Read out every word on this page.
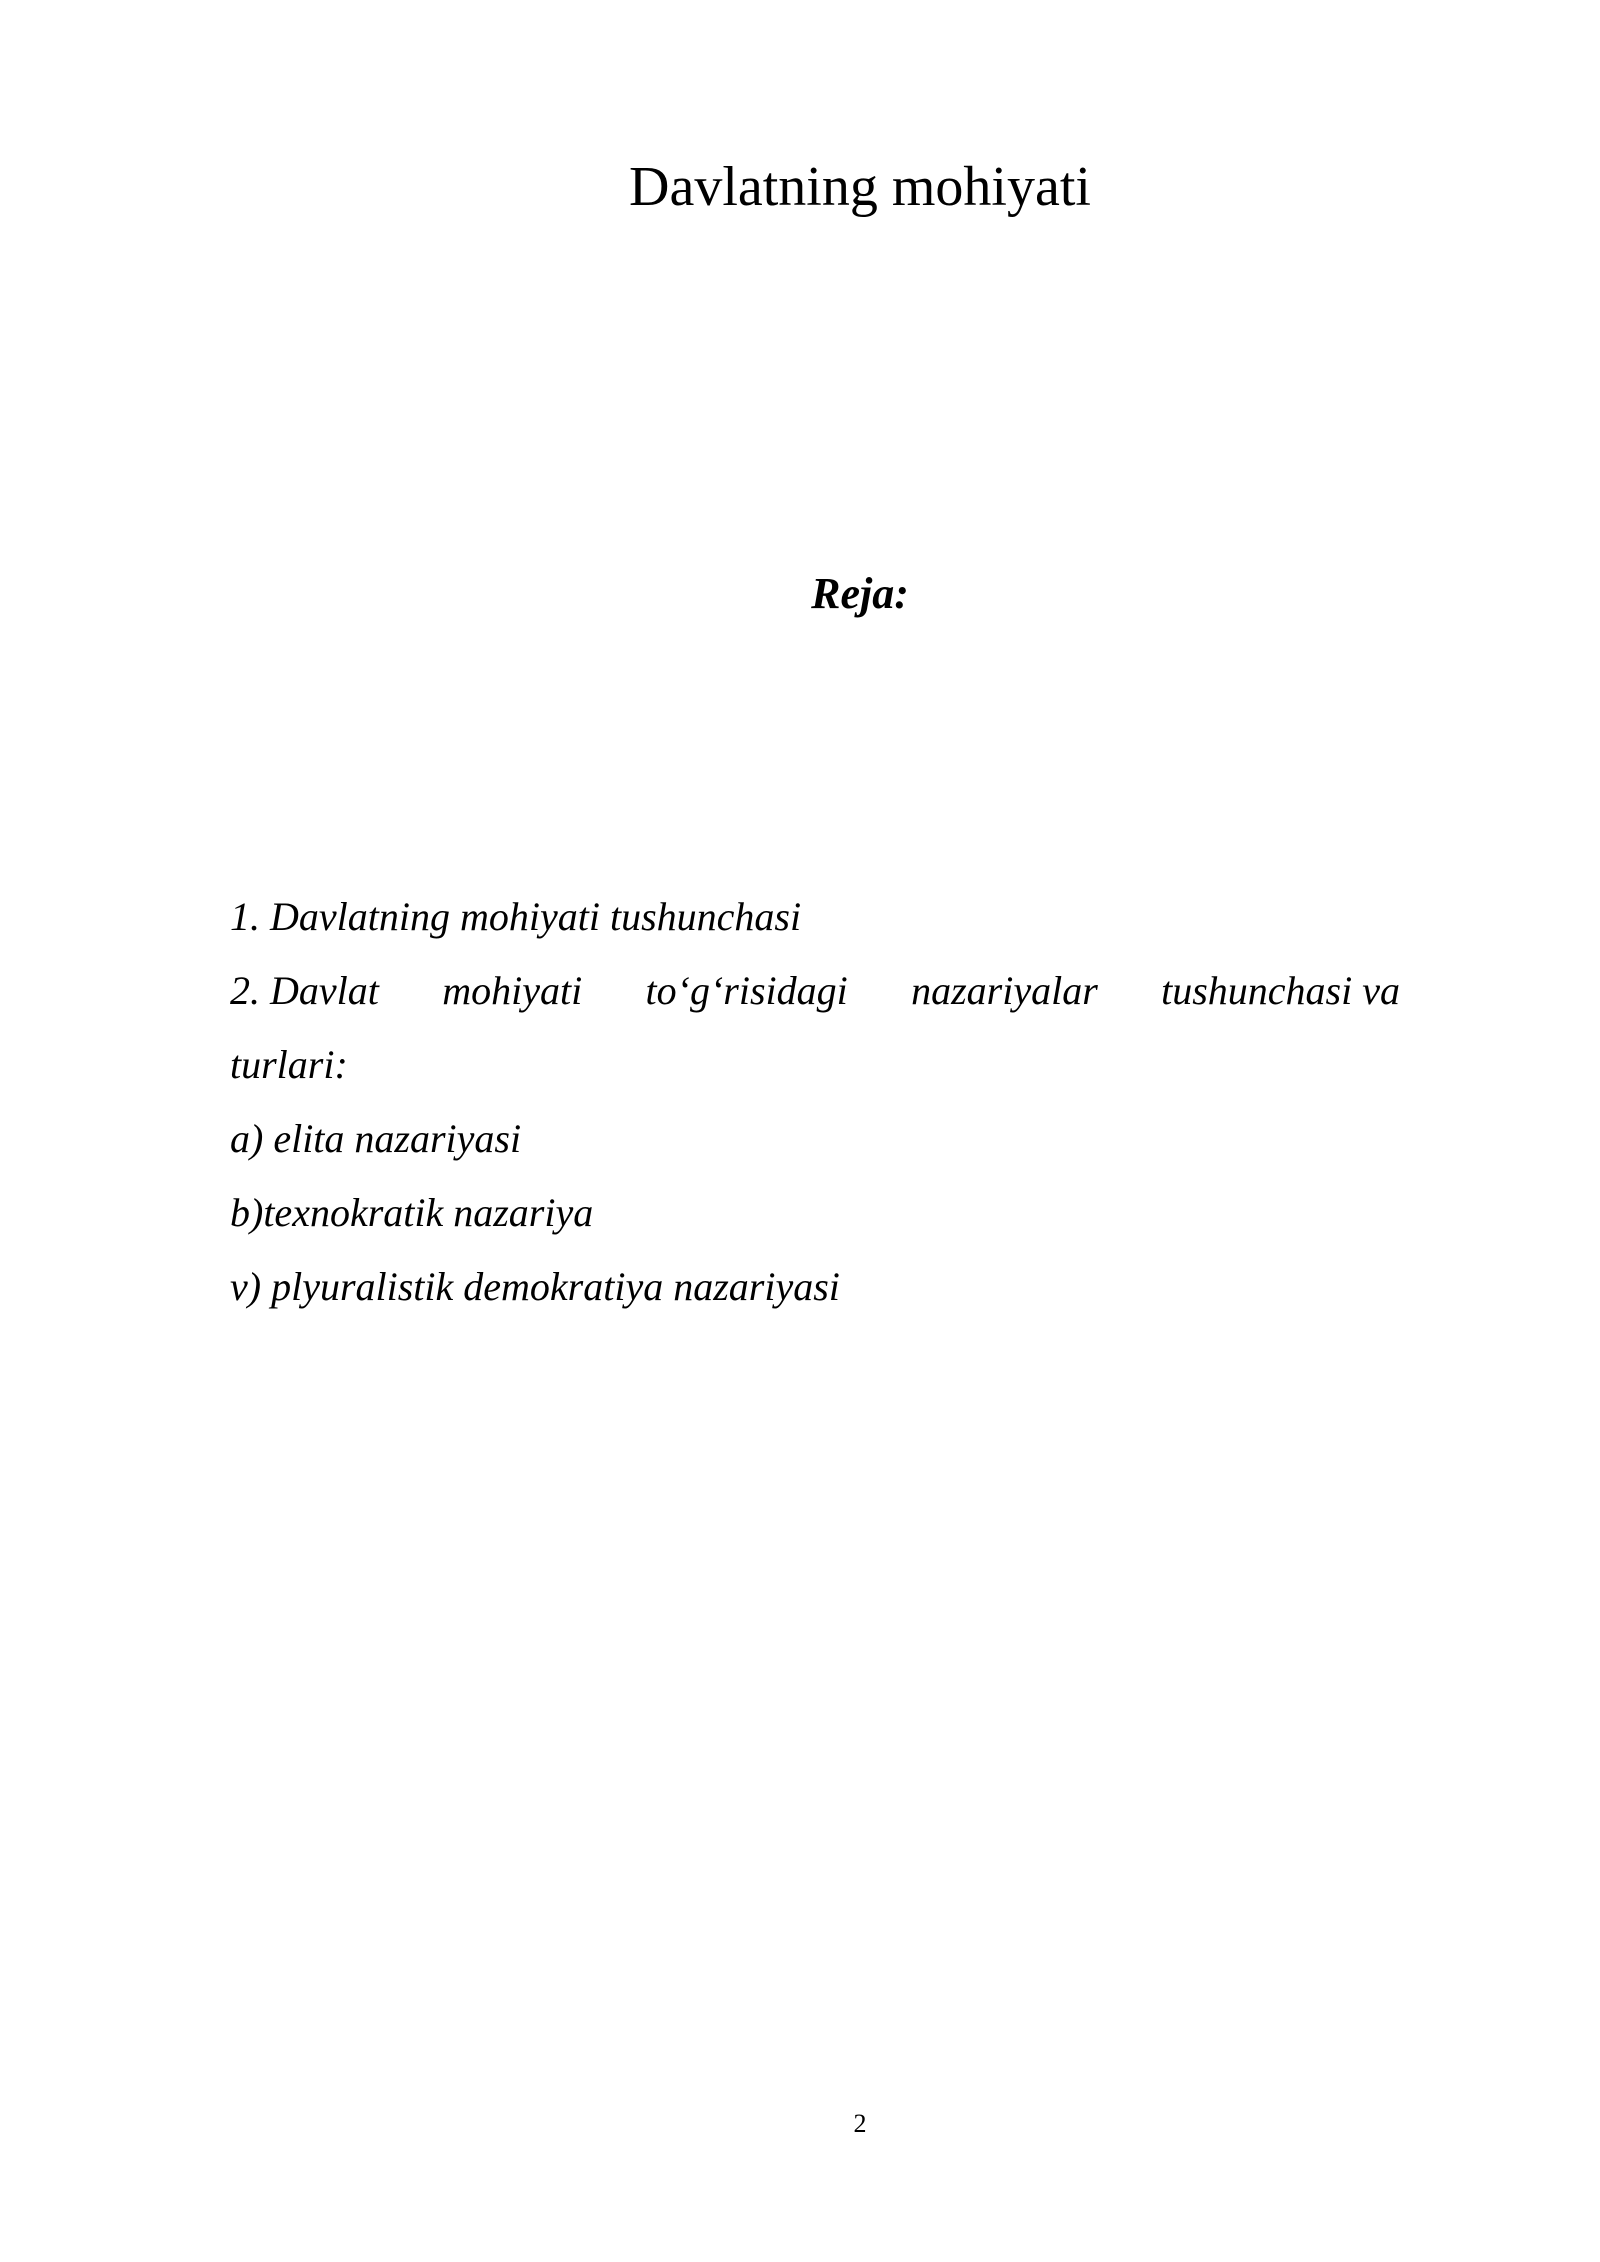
Davlatning mohiyati
Reja:
1. Davlatning mohiyati tushunchasi
2. Davlat mohiyati to‘g‘risidagi nazariyalar tushunchasi va
turlari:
a) elita nazariyasi
b)texnokratik nazariya
v) plyuralistik demokratiya nazariyasi
2
